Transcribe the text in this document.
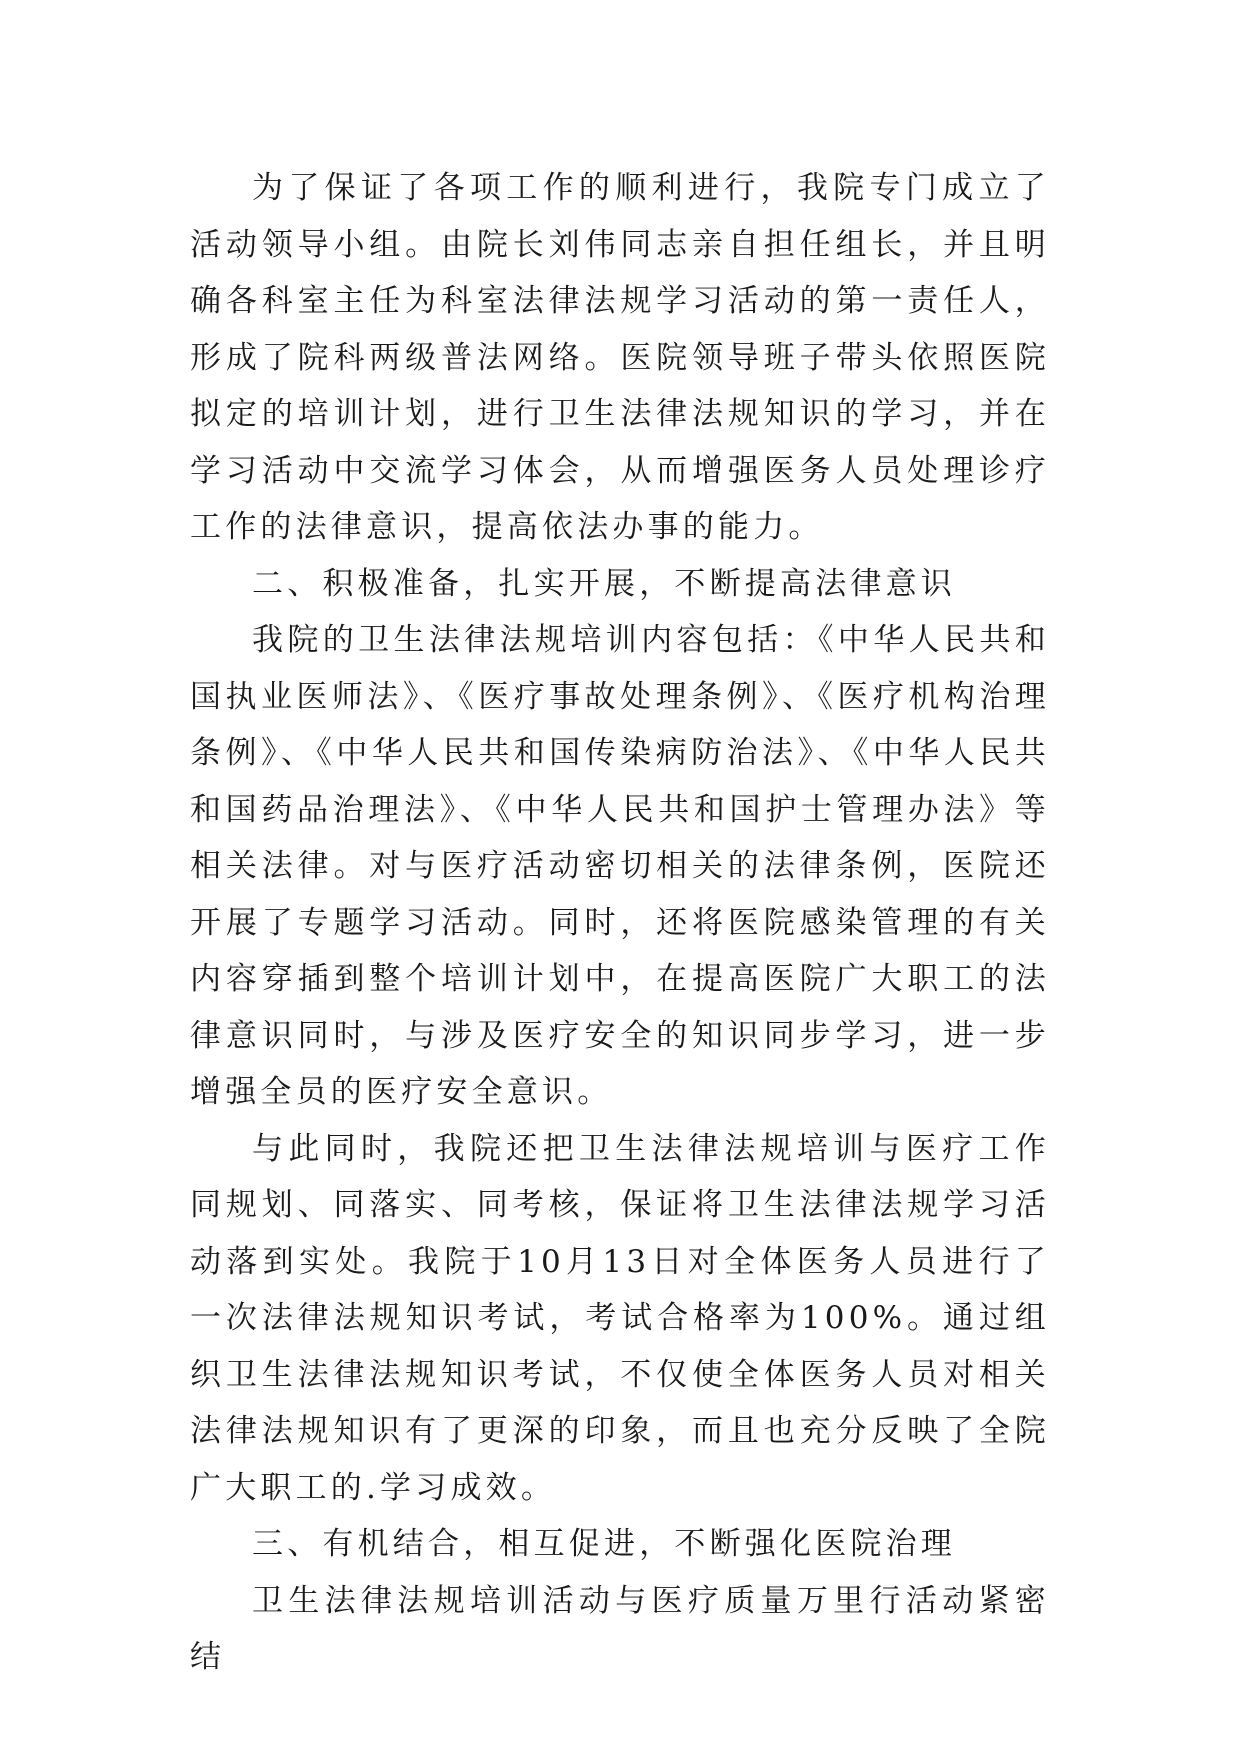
为了保证了各项工作的顺利进行，我院专门成立了活动领导小组。由院长刘伟同志亲自担任组长，并且明确各科室主任为科室法律法规学习活动的第一责任人，形成了院科两级普法网络。医院领导班子带头依照医院拟定的培训计划，进行卫生法律法规知识的学习，并在学习活动中交流学习体会，从而增强医务人员处理诊疗工作的法律意识，提高依法办事的能力。

二、积极准备，扎实开展，不断提高法律意识

我院的卫生法律法规培训内容包括：《中华人民共和国执业医师法》、《医疗事故处理条例》、《医疗机构治理条例》、《中华人民共和国传染病防治法》、《中华人民共和国药品治理法》、《中华人民共和国护士管理办法》等相关法律。对与医疗活动密切相关的法律条例，医院还开展了专题学习活动。同时，还将医院感染管理的有关内容穿插到整个培训计划中，在提高医院广大职工的法律意识同时，与涉及医疗安全的知识同步学习，进一步增强全员的医疗安全意识。

与此同时，我院还把卫生法律法规培训与医疗工作同规划、同落实、同考核，保证将卫生法律法规学习活动落到实处。我院于10月13日对全体医务人员进行了一次法律法规知识考试，考试合格率为100%。通过组织卫生法律法规知识考试，不仅使全体医务人员对相关法律法规知识有了更深的印象，而且也充分反映了全院广大职工的.学习成效。

三、有机结合，相互促进，不断强化医院治理

卫生法律法规培训活动与医疗质量万里行活动紧密结
